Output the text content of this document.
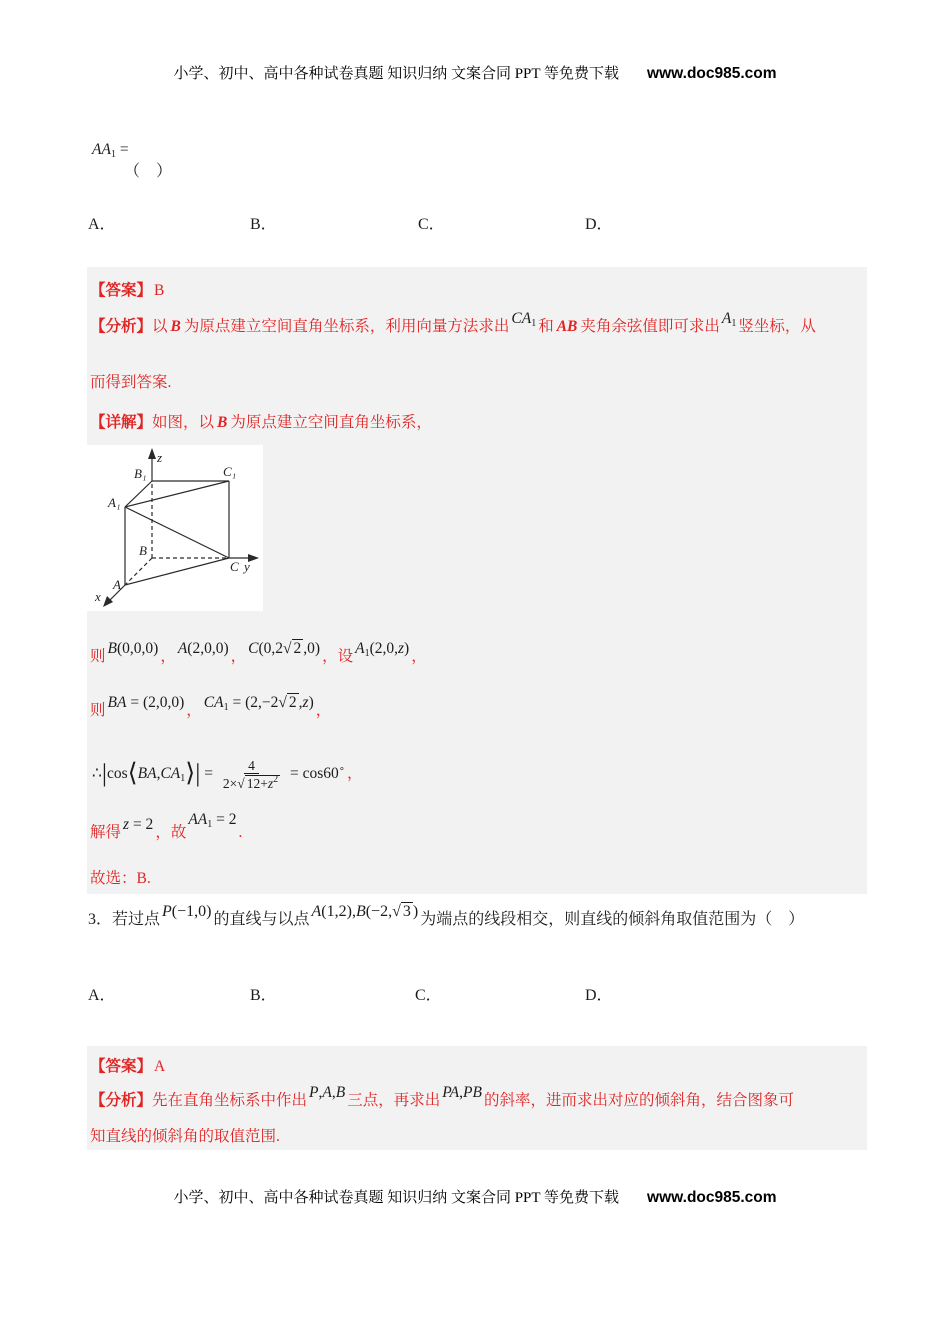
小学、初中、高中各种试卷真题 知识归纳 文案合同 PPT 等免费下载 www.doc985.com
AA1 =
（　）
A．	B．	C．	D．
【答案】 B
【分析】以 B 为原点建立空间直角坐标系，利用向量方法求出 CA1 和 AB 夹角余弦值即可求出 A1 竖坐标，从
而得到答案.
【详解】如图，以 B 为原点建立空间直角坐标系，
z
y
x
B₁	C₁
A₁
B
C
A
则 B(0,0,0) ， A(2,0,0) ， C(0,2√ 2 ,0) ，设 A1(2,0,z) ，
则 BA = (2,0,0) ， CA1 = (2,−2√ 2 ,z) ，
∴|cos⟨BA,CA1⟩| = $\frac{4}{2\times√ 12+z^2} = \cos 60^\circ$ ，
解得 z = 2 ，故AA1 = 2.
故选：B.
3．若过点 P(−1,0) 的直线与以点 A(1,2),B(−2,√ 3 ) 为端点的线段相交，则直线的倾斜角取值范围为（　）
A．	B．	C．	D．
【答案】 A
【分析】先在直角坐标系中作出 P,A,B 三点，再求出 PA,PB 的斜率，进而求出对应的倾斜角，结合图象可
知直线的倾斜角的取值范围.
小学、初中、高中各种试卷真题 知识归纳 文案合同 PPT 等免费下载 www.doc985.com
